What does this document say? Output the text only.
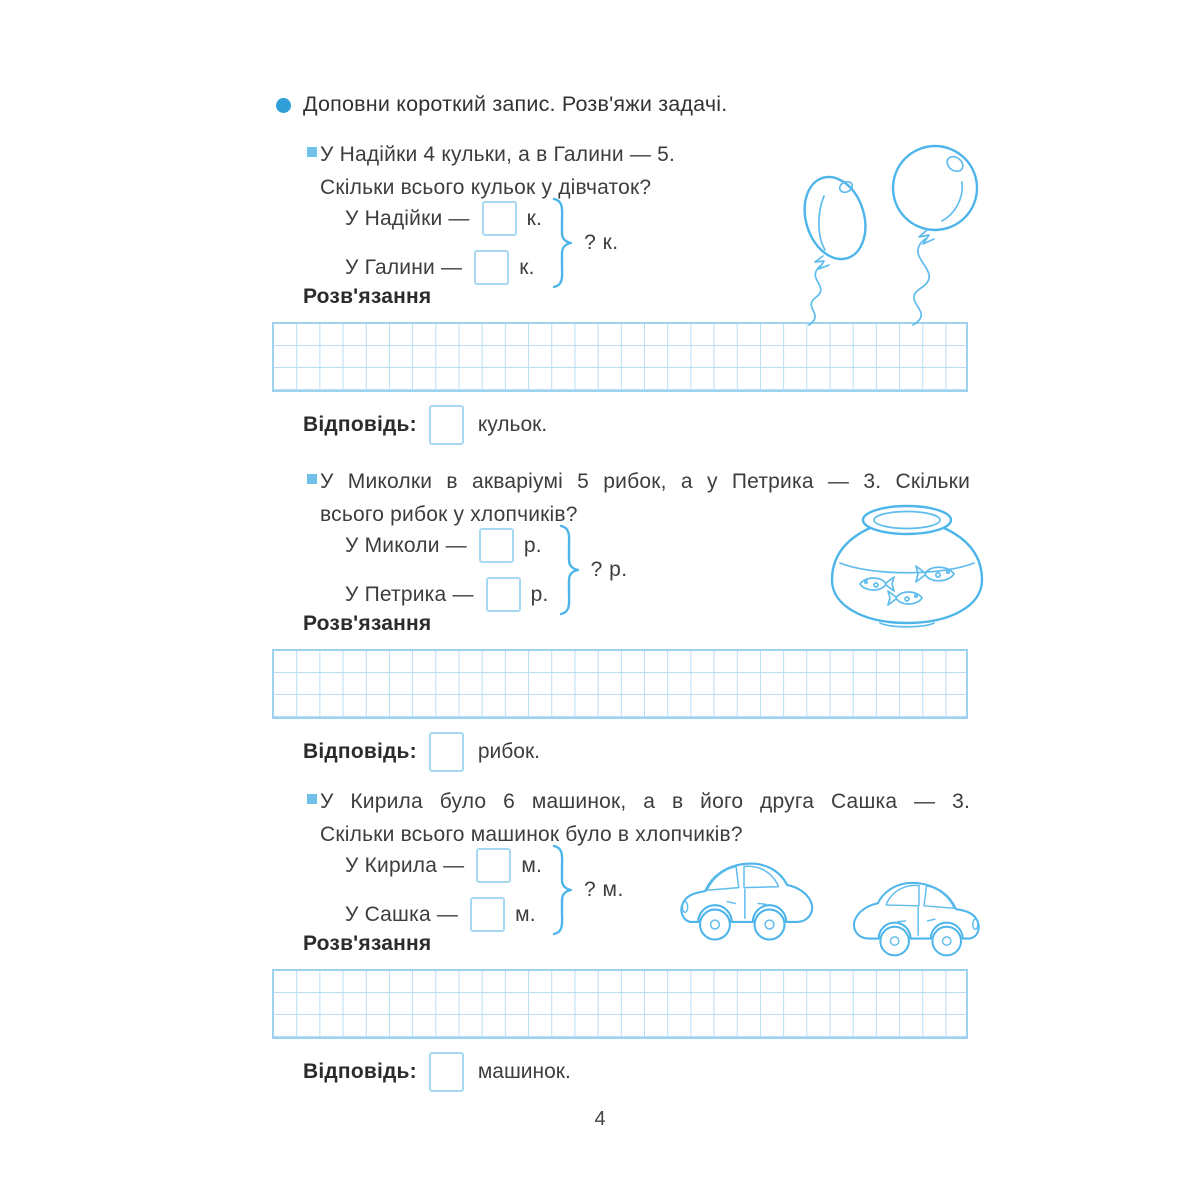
Доповни короткий запис. Розв'яжи задачі.
У Надійки 4 кульки, а в Галини — 5.
Скільки всього кульок у дівчаток?
У Надійки —	к.
У Галини —	к.
? к.
Розв'язання
Відповідь:	кульок.
У Миколки в акваріумі 5 рибок, а у Петрика — 3. Скільки
всього рибок у хлопчиків?
У Миколи —	р.
У Петрика —	р.
? р.
Розв'язання
Відповідь:	рибок.
У Кирила було 6 машинок, а в його друга Сашка — 3.
Скільки всього машинок було в хлопчиків?
У Кирила —	м.
У Сашка —	м.
? м.
Розв'язання
Відповідь:	машинок.
4
